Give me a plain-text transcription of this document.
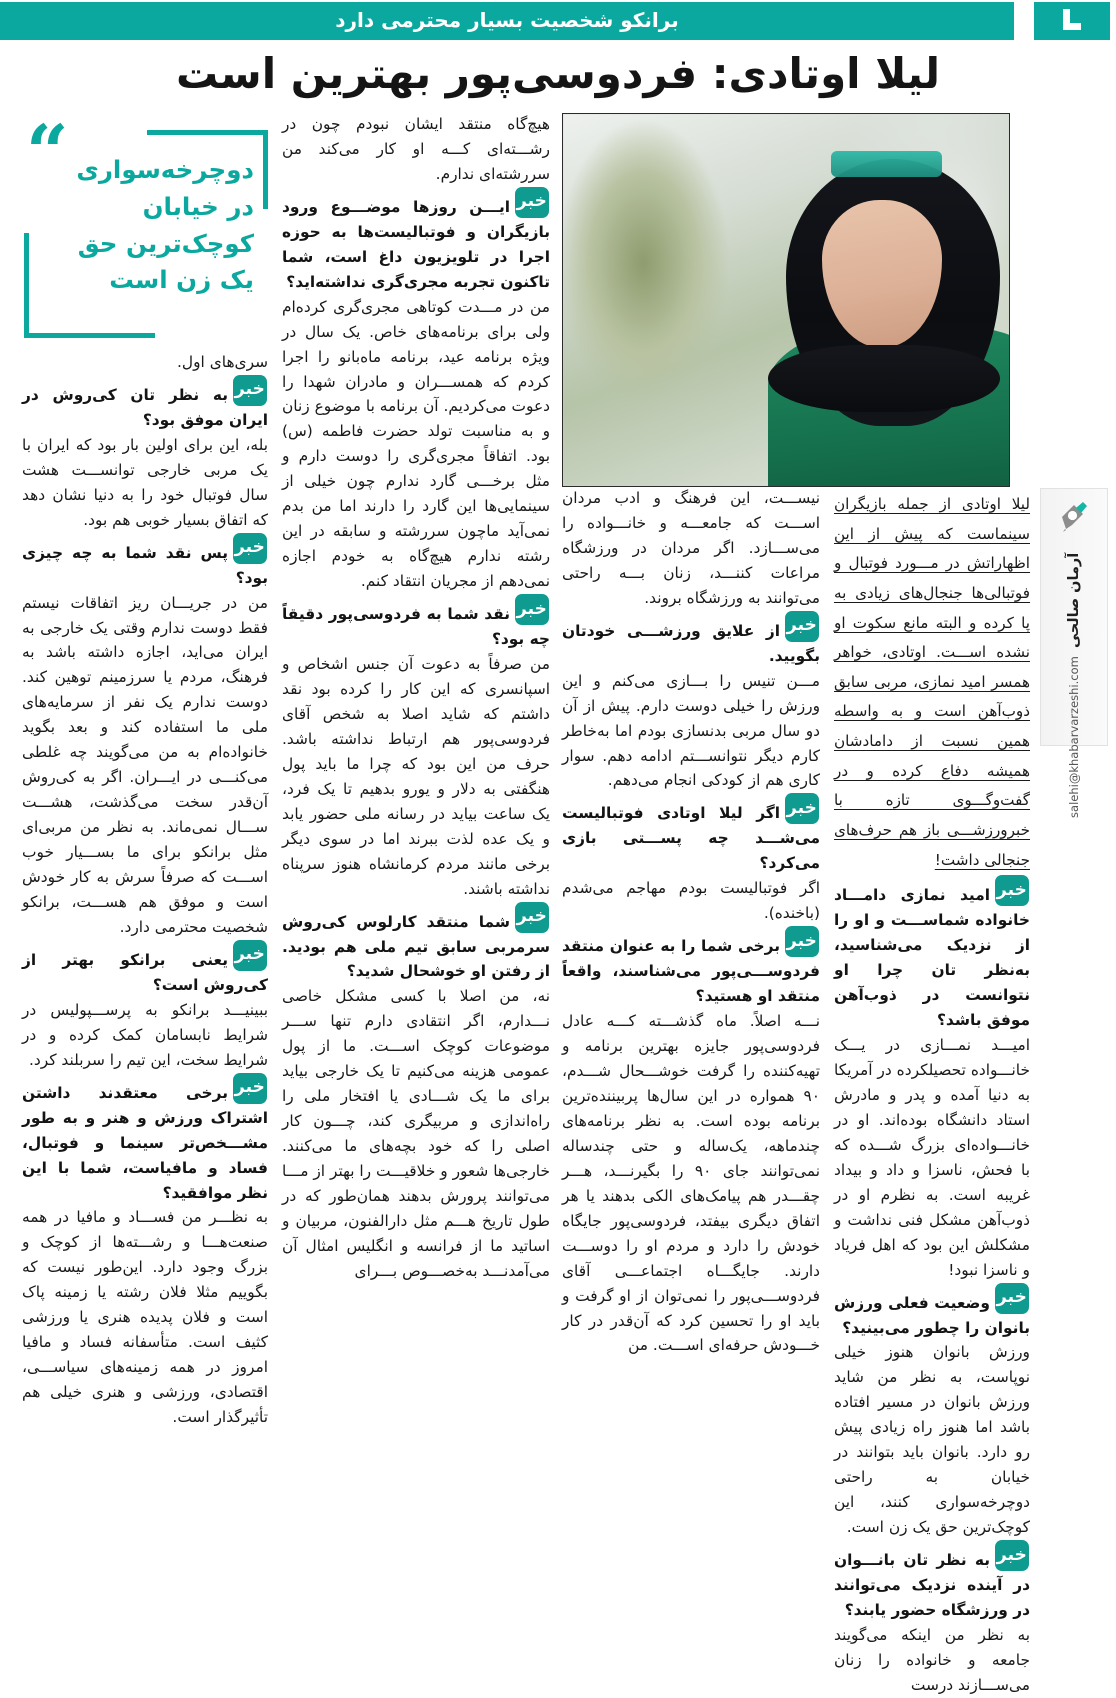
برانکو شخصیت بسیار محترمی دارد
لیلا اوتادی: فردوسی‌پور بهترین است
آرمان صالحی
salehi@khabarvarzeshi.com
لیلا اوتادی از جمله بازیگران سینماست که پیش از این اظهاراتش در مـــورد فوتبال و فوتبالی‌ها جنجال‌های زیادی به پا کرده و البته مانع سکوت او نشده اســـت. اوتادی، خواهر همسر امید نمازی، مربی سابق ذوب‌آهن است و به واسطه همین نسبت از دامادشان همیشه دفاع کرده و در گفت‌وگـــوی تازه با خبرورزشـــی باز هم حرف‌های جنجالی داشت!

خبرامید نمازی دامـــاد خانواده شماســـت و او را از نزدیک می‌شناسید، به‌نظر تان چرا او نتوانست در ذوب‌آهن موفق باشد؟

امیـــد نمـــازی در یـــک خانـــواده تحصیلکرده در آمریکا به دنیا آمده و پدر و مادرش استاد دانشگاه بوده‌اند. او در خانـــواده‌ای بزرگ شـــده که با فحش، ناسزا و داد و بیداد غریبه است. به نظرم او در ذوب‌آهن مشکل فنی نداشت و مشکلش این بود که اهل فریاد و ناسزا نبود!

خبروضعیت فعلی ورزش بانوان را چطور می‌بینید؟

ورزش بانوان هنوز خیلی نوپاست، به نظر من شاید ورزش بانوان در مسیر افتاده باشد اما هنوز راه زیادی پیش رو دارد. بانوان باید بتوانند در خیابان به راحتی دوچرخه‌سواری کنند، این کوچک‌ترین حق یک زن است.

خبربه نظر تان بانـــوان در آینده نزدیک می‌توانند در ورزشگاه حضور یابند؟

به نظر من اینکه می‌گویند جامعه و خانواده را زنان می‌ســـازند درست

نیســـت، این فرهنگ و ادب مردان اســـت که جامعـــه و خانـــواده را می‌ســـازد. اگر مردان در ورزشگاه مراعات کننـــد، زنان بـــه راحتی می‌توانند به ورزشگاه بروند.

خبراز علایق ورزشـــی خودتان بگویید.

مـــن تنیس را بـــازی می‌کنم و این ورزش را خیلی دوست دارم. پیش از آن دو سال مربی بدنسازی بودم اما به‌خاطر کارم دیگر نتوانســـتم ادامه دهم. سوار کاری هم از کودکی انجام می‌دهم.

خبراگر لیلا اوتادی فوتبالیست می‌شـــد چه پســـتی بازی می‌کرد؟

اگر فوتبالیست بودم مهاجم می‌شدم (باخنده).

خبربرخی شما را به عنوان منتقد فردوســـی‌پور می‌شناسند، واقعاً منتقد او هستید؟

نـــه اصلاً. ماه گذشـــته کـــه عادل فردوسی‌پور جایزه بهترین برنامه و تهیه‌کننده را گرفت خوشـــحال شـــدم، ۹۰ همواره در این سال‌ها پربیننده‌ترین برنامه بوده است. به نظر برنامه‌های چندماهه، یک‌ساله و حتی چندساله نمی‌توانند جای ۹۰ را بگیرنـــد، هـــر چقـــدر هم پیامک‌های الکی بدهند یا هر اتفاق دیگری بیفتد، فردوسی‌پور جایگاه خودش را دارد و مردم او را دوســـت دارند. جایگـــاه اجتماعـــی آقای فردوســـی‌پور را نمی‌توان از او گرفت و باید او را تحسین کرد که آن‌قدر در کار خـــودش حرفه‌ای اســـت. من

هیچ‌گاه منتقد ایشان نبودم چون در رشـــته‌ای کـــه او کار می‌کند من سررشته‌ای ندارم.

خبرایـــن روزها موضـــوع ورود بازیگران و فوتبالیست‌ها به حوزه اجرا در تلویزیون داغ است، شما تاکنون تجربه مجری‌گری نداشته‌اید؟

من در مـــدت کوتاهی مجری‌گری کرده‌ام ولی برای برنامه‌های خاص. یک سال در ویژه برنامه عید، برنامه ماه‌بانو را اجرا کردم که همســـران و مادران شهدا را دعوت می‌کردیم. آن برنامه با موضوع زنان و به مناسبت تولد حضرت فاطمه (س) بود. اتفاقاً مجری‌گری را دوست دارم و مثل برخـــی گارد ندارم چون خیلی از سینمایی‌ها این گارد را دارند اما من بدم نمی‌آید ماچون سررشته و سابقه در این رشته ندارم هیچ‌گاه به خودم اجازه نمی‌دهم از مجریان انتقاد کنم.

خبرنقد شما به فردوسی‌پور دقیقاً چه بود؟

من صرفاً به دعوت آن جنس اشخاص و اسپانسری که این کار را کرده بود نقد داشتم که شاید اصلا به شخص آقای فردوسی‌پور هم ارتباط نداشته باشد. حرف من این بود که چرا ما باید پول هنگفتی به دلار و یورو بدهیم تا یک فرد، یک ساعت بیاید در رسانه ملی حضور یابد و یک عده لذت ببرند اما در سوی دیگر برخی مانند مردم کرمانشاه هنوز سرپناه نداشته باشند.

خبرشما منتقد کارلوس کی‌روش سرمربی سابق تیم ملی هم بودید. از رفتن او خوشحال شدید؟

نه، من اصلا با کسی مشکل خاصی نـــدارم، اگر انتقادی دارم تنها ســـر موضوعات کوچک اســـت. ما از پول عمومی هزینه می‌کنیم تا یک خارجی بیاید برای ما یک شـــادی یا افتخار ملی را راه‌اندازی و مربیگری کند، چـــون کار اصلی را که خود بچه‌های ما می‌کنند. خارجی‌ها شعور و خلاقیـــت را بهتر از مـــا می‌توانند پرورش بدهند همان‌طور که در طول تاریخ هـــم مثل دارالفنون، مربیان و اساتید ما از فرانسه و انگلیس امثال آن می‌آمدنـــد به‌خصـــوص بـــرای

“ دوچرخه‌سواری در خیابان کوچک‌ترین حق یک زن است

سری‌های اول.

خبربه نظر تان کی‌روش در ایران موفق بود؟

بله، این برای اولین بار بود که ایران با یک مربی خارجی توانســـت هشت سال فوتبال خود را به دنیا نشان دهد که اتفاق بسیار خوبی هم بود.

خبرپس نقد شما به چه چیزی بود؟

من در جریـــان ریز اتفاقات نیستم فقط دوست ندارم وقتی یک خارجی به ایران می‌اید، اجازه داشته باشد به فرهنگ، مردم یا سرزمینم توهین کند. دوست ندارم یک نفر از سرمایه‌های ملی ما استفاده کند و بعد بگوید خانواده‌ام به من می‌گویند چه غلطی می‌کنـــی در ایـــران. اگر به کی‌روش آن‌قدر سخت می‌گذشت، هشـــت ســـال نمی‌ماند. به نظر من مربی‌ای مثل برانکو برای ما بســـیار خوب اســـت که صرفاً سرش به کار خودش است و موفق هم هســـت، برانکو شخصیت محترمی دارد.

خبریعنی برانکو بهتر از کی‌روش است؟

ببینیـــد برانکو به پرســـپولیس در شرایط نابسامان کمک کرده و در شرایط سخت، این تیم را سربلند کرد.

خبربرخی معتقدند داشتن اشتراک ورزش و هنر و به طور مشـــخص‌تر سینما و فوتبال، فساد و مافیاست، شما با این نظر موافقید؟

به نظـــر من فســـاد و مافیا در همه صنعت‌هـــا و رشـــته‌ها از کوچک و بزرگ وجود دارد. این‌طور نیست که بگوییم مثلا فلان رشته یا زمینه پاک است و فلان پدیده هنری یا ورزشی کثیف است. متأسفانه فساد و مافیا امروز در همه زمینه‌های سیاســـی، اقتصادی، ورزشی و هنری خیلی هم تأثیرگذار است.
